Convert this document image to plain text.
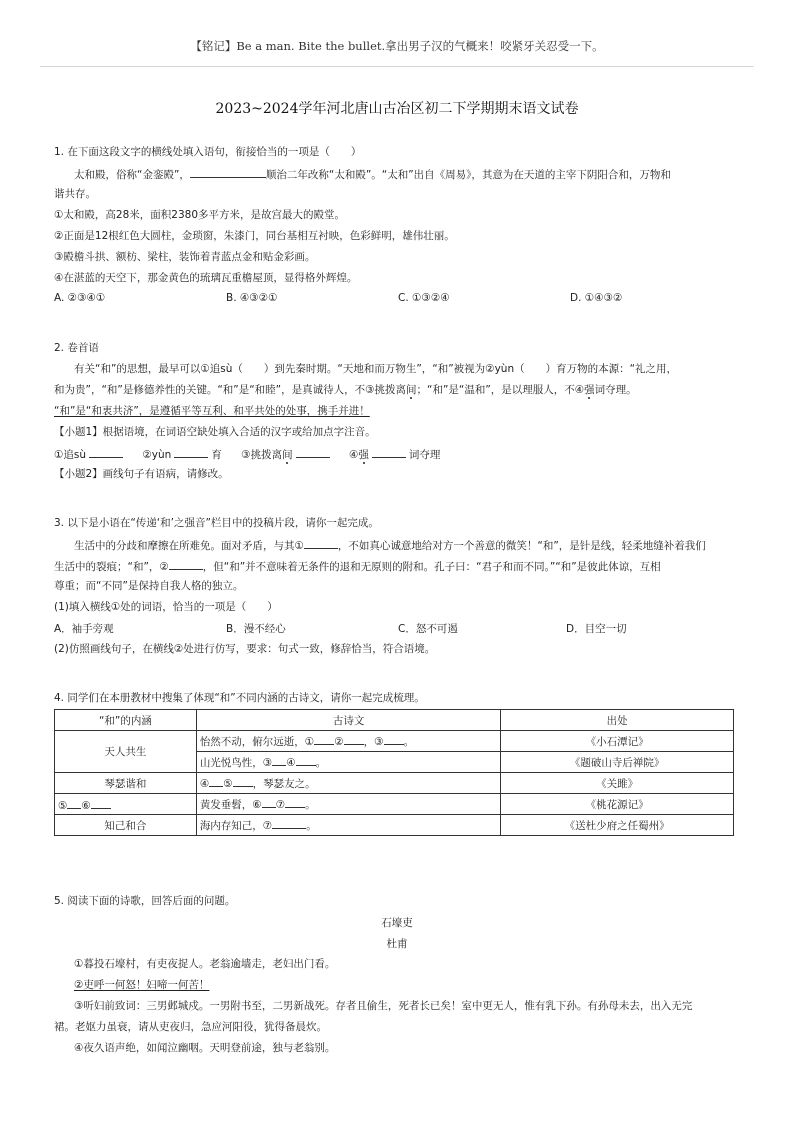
【铭记】Be a man. Bite the bullet.拿出男子汉的气概来！咬紧牙关忍受一下。
2023~2024学年河北唐山古冶区初二下学期期末语文试卷
1. 在下面这段文字的横线处填入语句，衔接恰当的一项是（　　）
太和殿，俗称“金銮殿”，	顺治二年改称“太和殿”。“太和”出自《周易》，其意为在天道的主宰下阴阳合和，万物和
谐共存。
①太和殿，高28米，面积2380多平方米，是故宫最大的殿堂。
②正面是12根红色大圆柱，金琐窗，朱漆门，同台基相互衬映，色彩鲜明，雄伟壮丽。
③殿檐斗拱、额枋、梁柱，装饰着青蓝点金和贴金彩画。
④在湛蓝的天空下，那金黄色的琉璃瓦重檐屋顶，显得格外辉煌。
A. ②③④①	B. ④③②①	C. ①③②④	D. ①④③②
2. 卷首语
有关“和”的思想，最早可以①追sù（　　）到先秦时期。“天地和而万物生”，“和”被视为②yùn（　　）育万物的本源：“礼之用，
和为贵”，“和”是修德养性的关键。“和”是“和睦”，是真诚待人，不③挑拨离间；“和”是“温和”，是以理服人，不④强词夺理。
“和”是“和衷共济”，是遵循平等互利、和平共处的处事，携手并进！
【小题1】根据语境，在词语空缺处填入合适的汉字或给加点字注音。
①追sù	②yùn	育 ③挑拨离间	④强	词夺理
【小题2】画线句子有语病，请修改。
3. 以下是小语在“传递‘和’之强音”栏目中的投稿片段，请你一起完成。
生活中的分歧和摩擦在所难免。面对矛盾，与其①	，不如真心诚意地给对方一个善意的微笑！“和”，是针是线，轻柔地缝补着我们
生活中的裂痕；“和”，②	，但“和”并不意味着无条件的退和无原则的附和。孔子曰：“君子和而不同。”“和”是彼此体谅，互相
尊重；而“不同”是保持自我人格的独立。
(1)填入横线①处的词语，恰当的一项是（　　）
A．袖手旁观	B．漫不经心	C．怒不可遏	D．目空一切
(2)仿照画线句子，在横线②处进行仿写，要求：句式一致，修辞恰当，符合语境。
4. 同学们在本册教材中搜集了体现“和”不同内涵的古诗文，请你一起完成梳理。
“和”的内涵	古诗文	出处
天人共生	怡然不动，俯尔远逝，① ② ，③ 。	《小石潭记》
	山光悦鸟性，③ ④ 。	《题破山寺后禅院》
琴瑟谐和	④ ⑤ ，琴瑟友之。	《关雎》
⑤ ⑥	黄发垂髫，⑥ ⑦ 。	《桃花源记》
知己和合	海内存知己，⑦ 。	《送杜少府之任蜀州》
5. 阅读下面的诗歌，回答后面的问题。
石壕吏
杜甫
①暮投石壕村，有吏夜捉人。老翁逾墙走，老妇出门看。
②吏呼一何怒！妇啼一何苦！
③听妇前致词：三男邺城戍。一男附书至，二男新战死。存者且偷生，死者长已矣！室中更无人，惟有乳下孙。有孙母未去，出入无完
裙。老妪力虽衰，请从吏夜归，急应河阳役，犹得备晨炊。
④夜久语声绝，如闻泣幽咽。天明登前途，独与老翁别。
